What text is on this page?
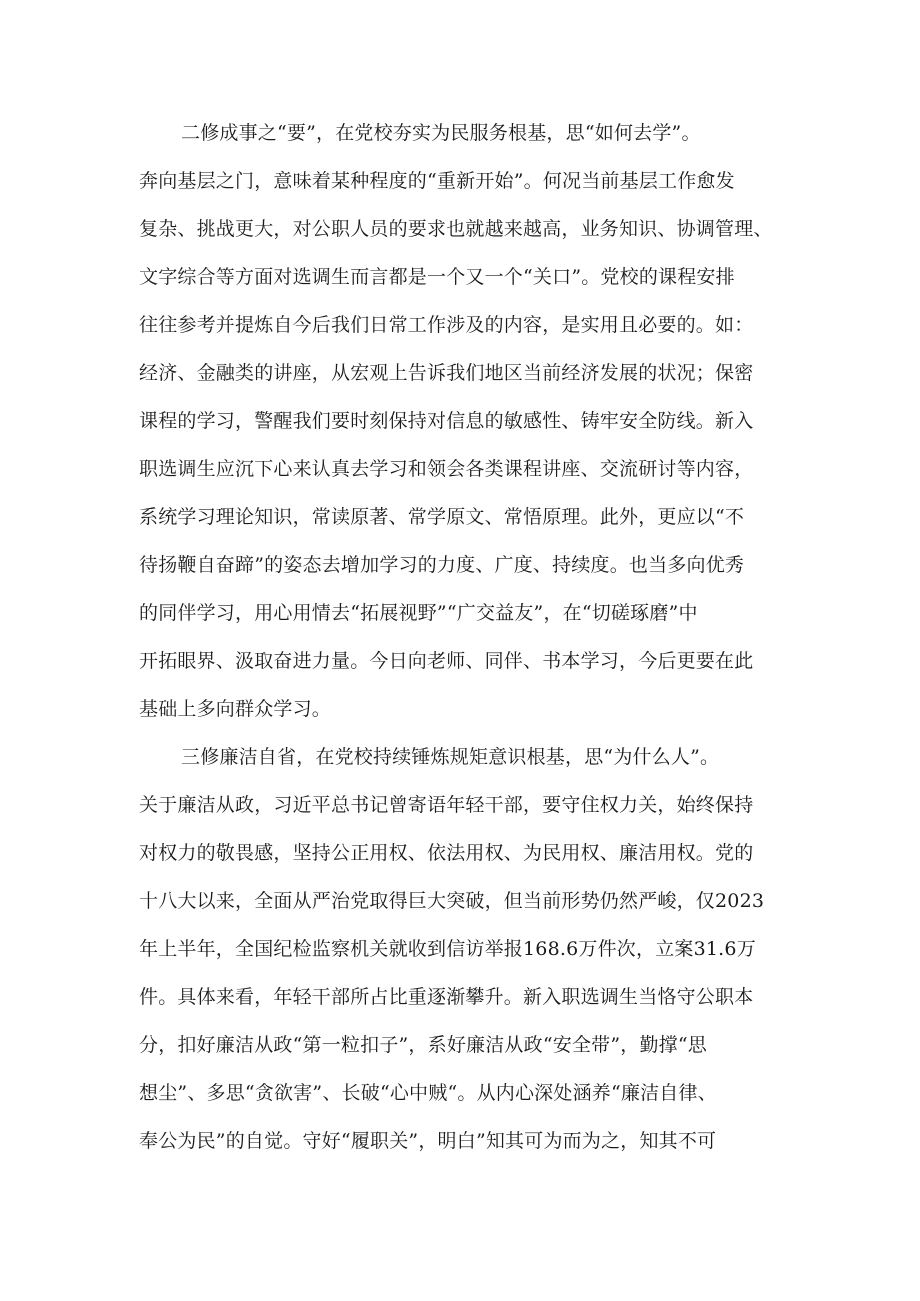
二修成事之“要”，在党校夯实为民服务根基，思“如何去学”。
奔向基层之门，意味着某种程度的“重新开始”。何况当前基层工作愈发
复杂、挑战更大，对公职人员的要求也就越来越高，业务知识、协调管理、
文字综合等方面对选调生而言都是一个又一个“关口”。党校的课程安排
往往参考并提炼自今后我们日常工作涉及的内容，是实用且必要的。如：
经济、金融类的讲座，从宏观上告诉我们地区当前经济发展的状况；保密
课程的学习，警醒我们要时刻保持对信息的敏感性、铸牢安全防线。新入
职选调生应沉下心来认真去学习和领会各类课程讲座、交流研讨等内容，
系统学习理论知识，常读原著、常学原文、常悟原理。此外，更应以“不
待扬鞭自奋蹄”的姿态去增加学习的力度、广度、持续度。也当多向优秀
的同伴学习，用心用情去“拓展视野”“广交益友”，在“切磋琢磨”中
开拓眼界、汲取奋进力量。今日向老师、同伴、书本学习，今后更要在此
基础上多向群众学习。
三修廉洁自省，在党校持续锤炼规矩意识根基，思“为什么人”。
关于廉洁从政，习近平总书记曾寄语年轻干部，要守住权力关，始终保持
对权力的敬畏感，坚持公正用权、依法用权、为民用权、廉洁用权。党的
十八大以来，全面从严治党取得巨大突破，但当前形势仍然严峻，仅2023
年上半年，全国纪检监察机关就收到信访举报168.6万件次，立案31.6万
件。具体来看，年轻干部所占比重逐渐攀升。新入职选调生当恪守公职本
分，扣好廉洁从政“第一粒扣子”，系好廉洁从政“安全带”，勤撑“思
想尘”、多思“贪欲害”、长破“心中贼“。从内心深处涵养“廉洁自律、
奉公为民”的自觉。守好“履职关”，明白”知其可为而为之，知其不可
